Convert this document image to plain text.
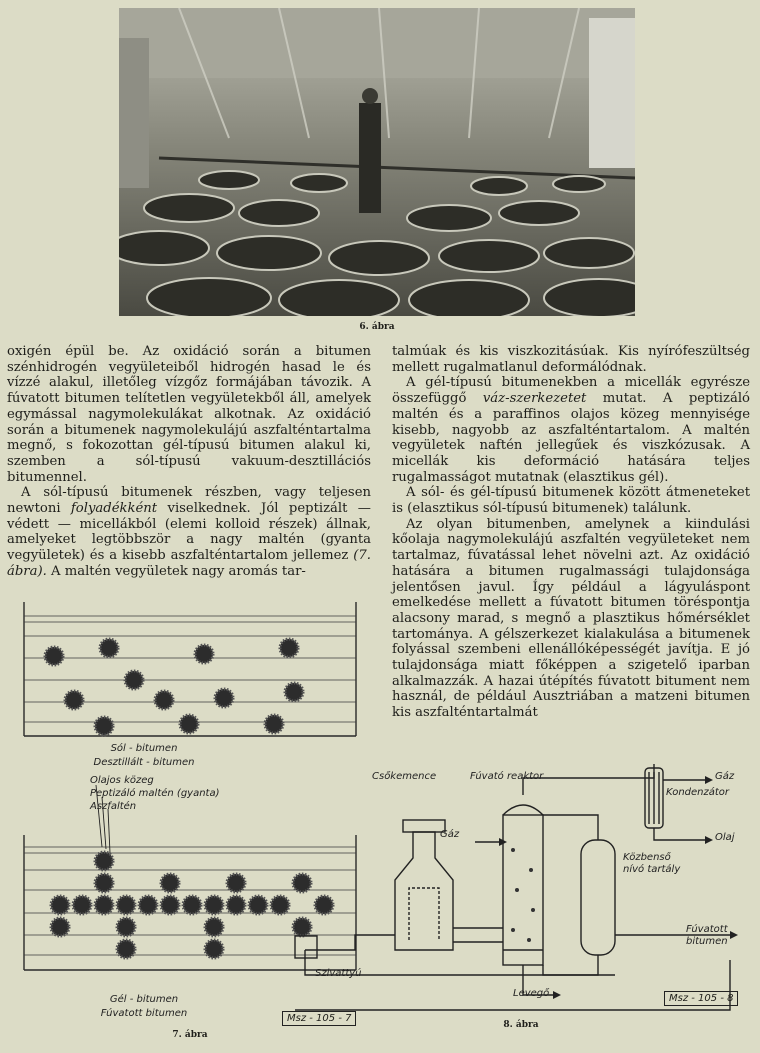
6. ábra

oxigén épül be. Az oxidáció során a bitumen szénhidrogén vegyületeiből hidrogén hasad le és vízzé alakul, illetőleg vízgőz formájában távozik. A fúvatott bitumen telítetlen vegyületekből áll, amelyek egymással nagymolekulákat alkotnak. Az oxidáció során a bitumenek nagymolekulájú aszfalténtartalma megnő, s fokozottan gél-típusú bitumen alakul ki, szemben a sól-típusú vakuum-desztillációs bitumennel.

A sól-típusú bitumenek részben, vagy teljesen newtoni folyadékként viselkednek. Jól peptizált — védett — micellákból (elemi kolloid részek) állnak, amelyeket legtöbbször a nagy maltén (gyanta vegyületek) és a kisebb aszfalténtartalom jellemez (7. ábra). A maltén vegyületek nagy aromás tar-

talmúak és kis viszkozitásúak. Kis nyírófeszültség mellett rugalmatlanul deformálódnak.

A gél-típusú bitumenekben a micellák egyrésze összefüggő váz-szerkezetet mutat. A peptizáló maltén és a paraffinos olajos közeg mennyisége kisebb, nagyobb az aszfalténtartalom. A maltén vegyületek naftén jellegűek és viszkózusak. A micellák kis deformáció hatására teljes rugalmasságot mutatnak (elasztikus gél).

A sól- és gél-típusú bitumenek között átmeneteket is (elasztikus sól-típusú bitumenek) találunk.

Az olyan bitumenben, amelynek a kiindulási kőolaja nagymolekulájú aszfaltén vegyületeket nem tartalmaz, fúvatással lehet növelni azt. Az oxidáció hatására a bitumen rugalmassági tulajdonsága jelentősen javul. Így például a lágyuláspont emelkedése mellett a fúvatott bitumen töréspontja alacsony marad, s megnő a plasztikus hőmérséklet tartománya. A gélszerkezet kialakulása a bitumenek folyással szembeni ellenállóképességét javítja. E jó tulajdonsága miatt főképpen a szigetelő iparban alkalmazzák. A hazai útépítés fúvatott bitument nem használ, de például Ausztriában a matzeni bitumen kis aszfalténtartalmát

Sól - bitumen
Desztillált - bitumen
Olajos közeg
Peptizáló maltén (gyanta)
Aszfaltén
Gél - bitumen
Fúvatott bitumen	Msz - 105 - 7
7. ábra
Csőkemence	Fúvató reaktor	Gáz
Kondenzátor
Olaj
Gáz
Közbenső
nívó tartály
Fúvatott
bitumen
Szivattyú
Levegő	Msz - 105 - 8
8. ábra
